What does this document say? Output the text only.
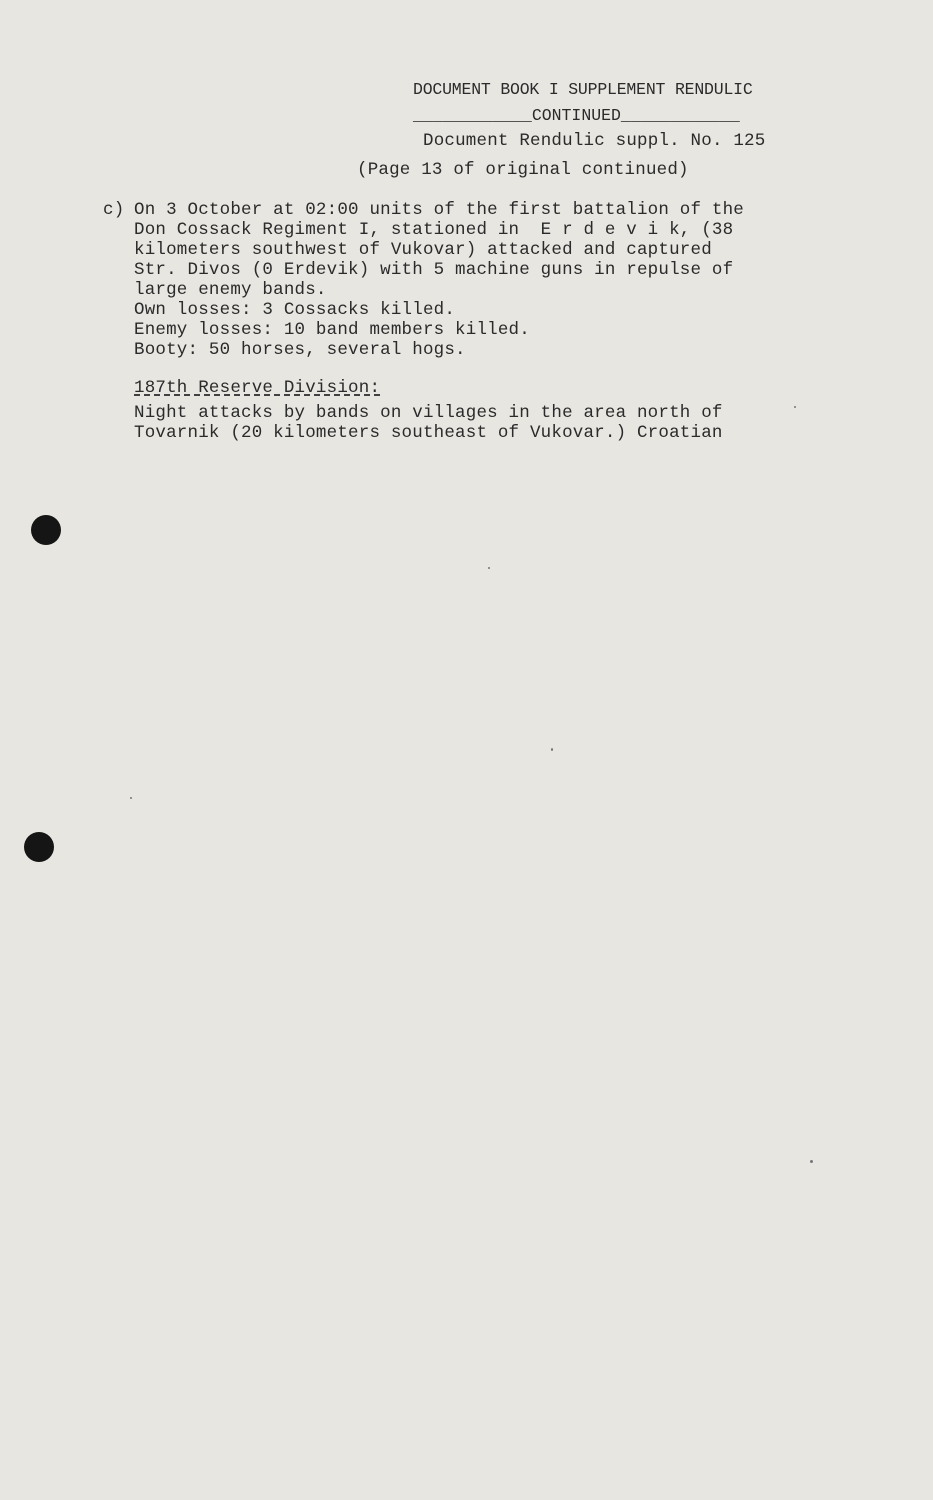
DOCUMENT BOOK I SUPPLEMENT RENDULIC
____________CONTINUED____________
Document Rendulic suppl. No. 125
(Page 13 of original continued)
c) On 3 October at 02:00 units of the first battalion of the
Don Cossack Regiment I, stationed in  E r d e v i k, (38
kilometers southwest of Vukovar) attacked and captured
Str. Divos (0 Erdevik) with 5 machine guns in repulse of
large enemy bands.
Own losses: 3 Cossacks killed.
Enemy losses: 10 band members killed.
Booty: 50 horses, several hogs.
187th Reserve Division:
Night attacks by bands on villages in the area north of
Tovarnik (20 kilometers southeast of Vukovar.) Croatian
